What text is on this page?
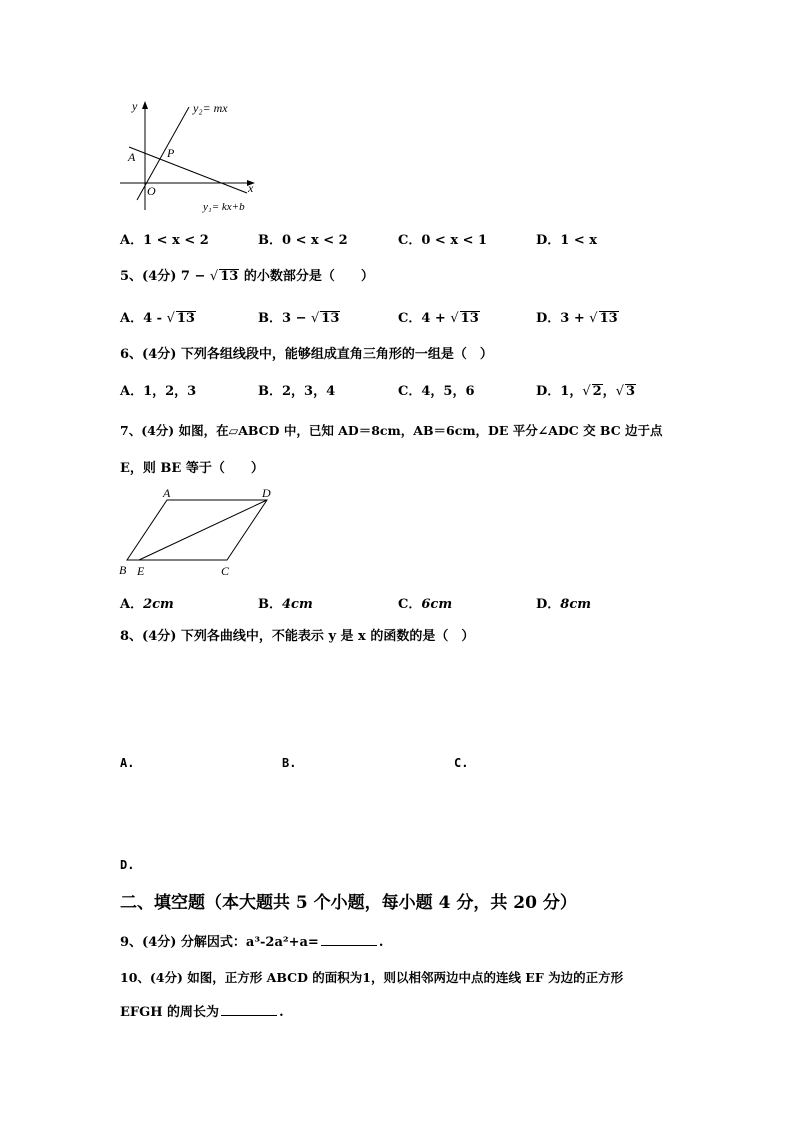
y
x
O
A	P
y₂= mx
y₁= kx+b
A．1 < x < 2	B．0 < x < 2	C．0 < x < 1	D．1 < x
5、(4分) 7 − √ 13 的小数部分是（　　）
A．4 - √ 13	B．3 − √ 13	C．4 + √ 13	D．3 + √ 13
6、(4分) 下列各组线段中，能够组成直角三角形的一组是（　）
A．1，2，3	B．2，3，4	C．4，5，6	D．1，√ 2，√ 3
7、(4分) 如图，在▱ABCD 中，已知 AD＝8cm，AB＝6cm，DE 平分∠ADC 交 BC 边于点
E，则 BE 等于（　　）
A	D
B E	C
A．2cm	B．4cm	C．6cm	D．8cm
8、(4分) 下列各曲线中，不能表示 y 是 x 的函数的是（　）
A.	B.	C.
D.
二、填空题（本大题共 5 个小题，每小题 4 分，共 20 分）
9、(4分) 分解因式：a³-2a²+a=	.
10、(4分) 如图，正方形 ABCD 的面积为1，则以相邻两边中点的连线 EF 为边的正方形
EFGH 的周长为	.
